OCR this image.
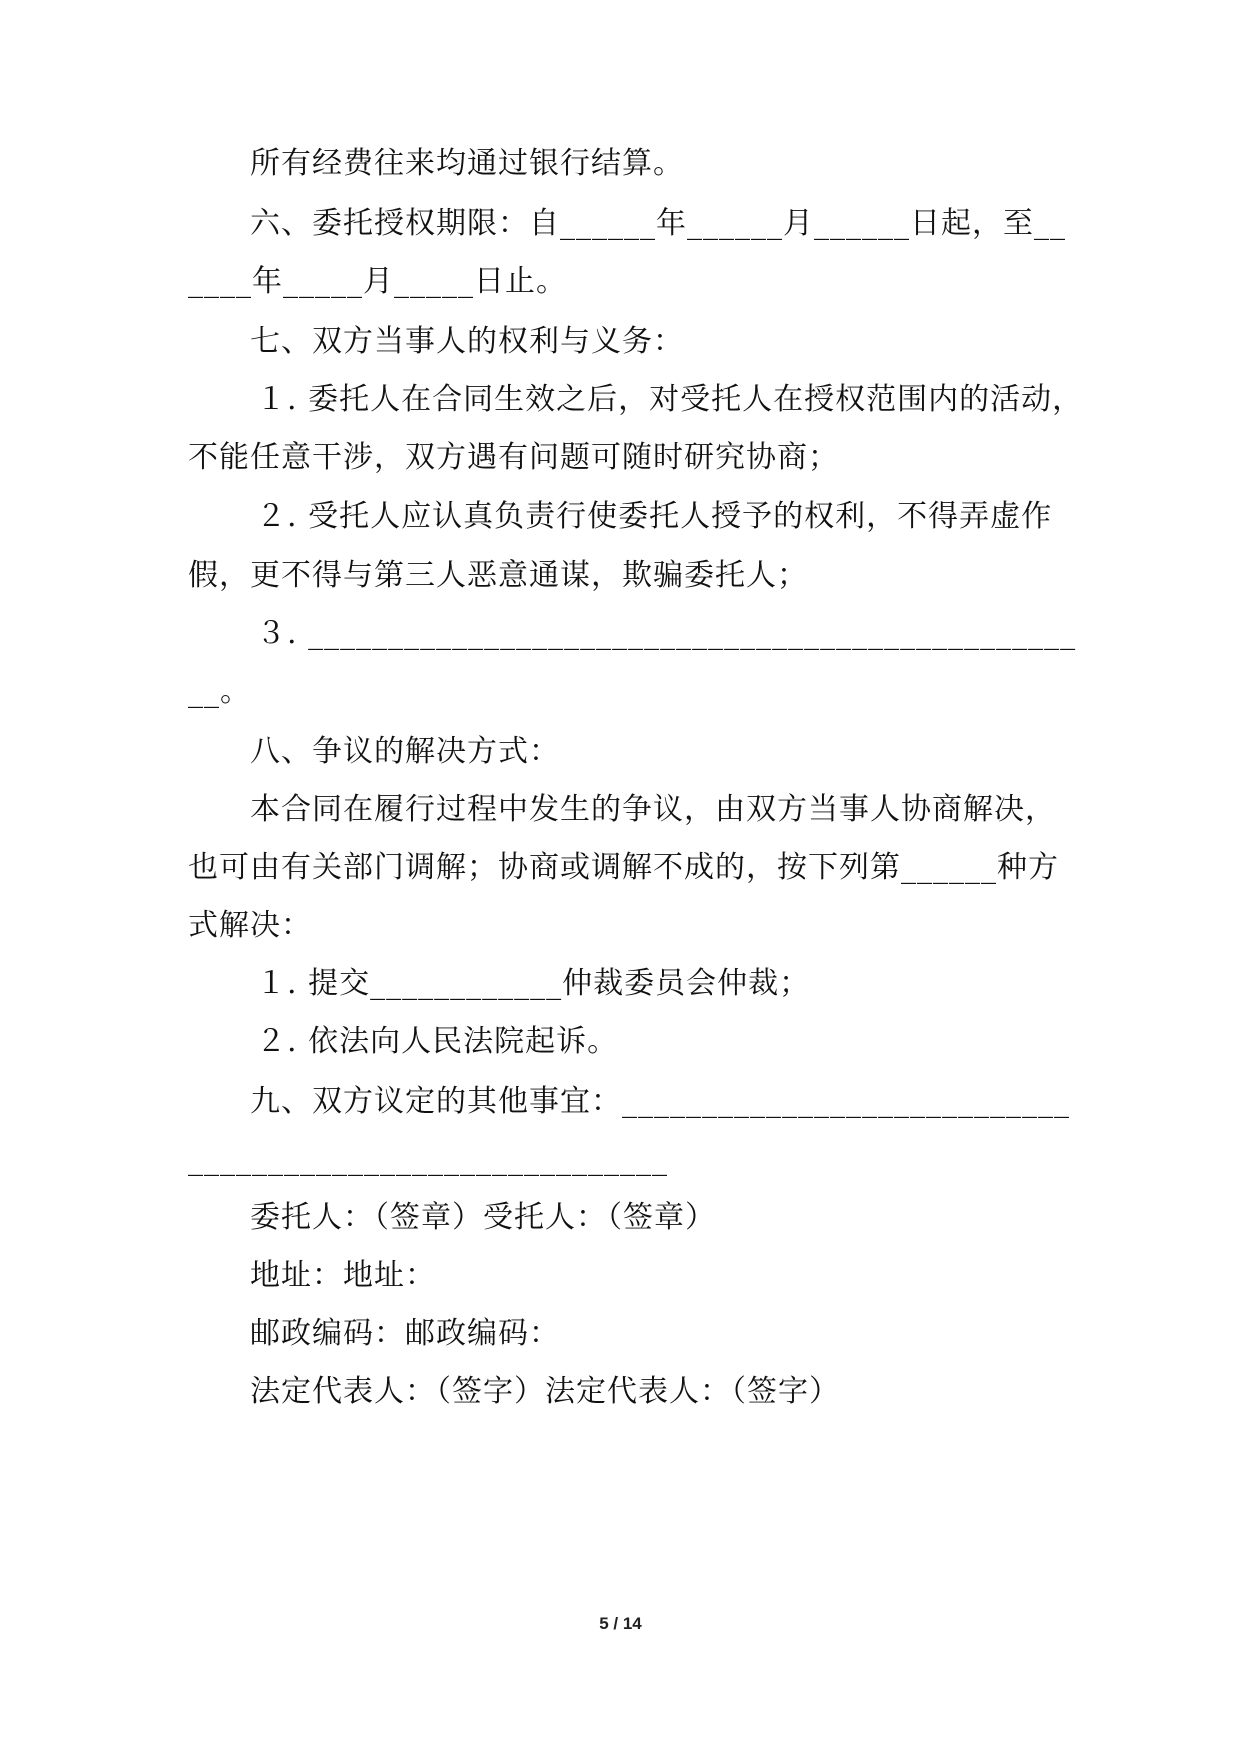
所有经费往来均通过银行结算。
六、委托授权期限：自______年______月______日起，至__
____年_____月_____日止。
七、双方当事人的权利与义务：
１. 委托人在合同生效之后，对受托人在授权范围内的活动，
不能任意干涉，双方遇有问题可随时研究协商；
２. 受托人应认真负责行使委托人授予的权利，不得弄虚作
假，更不得与第三人恶意通谋，欺骗委托人；
３. ________________________________________________
__。
八、争议的解决方式：
本合同在履行过程中发生的争议，由双方当事人协商解决，
也可由有关部门调解；协商或调解不成的，按下列第______种方
式解决：
１. 提交____________仲裁委员会仲裁；
２. 依法向人民法院起诉。
九、双方议定的其他事宜：____________________________
______________________________
委托人：（签章）受托人：（签章）
地址：地址：
邮政编码：邮政编码：
法定代表人：（签字）法定代表人：（签字）
5 / 14
